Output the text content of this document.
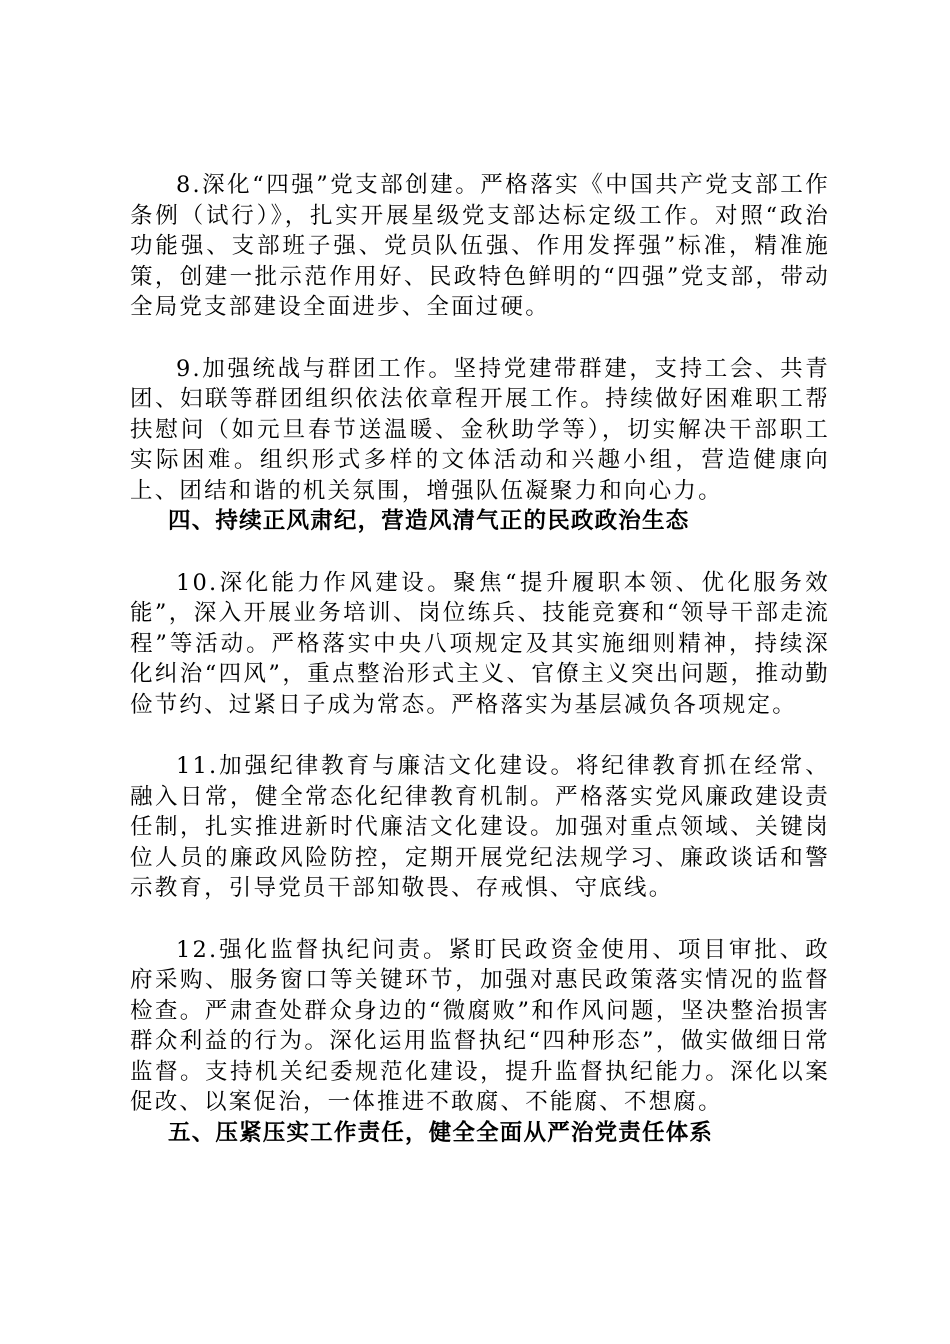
8.深化“四强”党支部创建。严格落实《中国共产党支部工作条例（试行）》，扎实开展星级党支部达标定级工作。对照“政治功能强、支部班子强、党员队伍强、作用发挥强”标准，精准施策，创建一批示范作用好、民政特色鲜明的“四强”党支部，带动全局党支部建设全面进步、全面过硬。

9.加强统战与群团工作。坚持党建带群建，支持工会、共青团、妇联等群团组织依法依章程开展工作。持续做好困难职工帮扶慰问（如元旦春节送温暖、金秋助学等），切实解决干部职工实际困难。组织形式多样的文体活动和兴趣小组，营造健康向上、团结和谐的机关氛围，增强队伍凝聚力和向心力。

四、持续正风肃纪，营造风清气正的民政政治生态

10.深化能力作风建设。聚焦“提升履职本领、优化服务效能”，深入开展业务培训、岗位练兵、技能竞赛和“领导干部走流程”等活动。严格落实中央八项规定及其实施细则精神，持续深化纠治“四风”，重点整治形式主义、官僚主义突出问题，推动勤俭节约、过紧日子成为常态。严格落实为基层减负各项规定。

11.加强纪律教育与廉洁文化建设。将纪律教育抓在经常、融入日常，健全常态化纪律教育机制。严格落实党风廉政建设责任制，扎实推进新时代廉洁文化建设。加强对重点领域、关键岗位人员的廉政风险防控，定期开展党纪法规学习、廉政谈话和警示教育，引导党员干部知敬畏、存戒惧、守底线。

12.强化监督执纪问责。紧盯民政资金使用、项目审批、政府采购、服务窗口等关键环节，加强对惠民政策落实情况的监督检查。严肃查处群众身边的“微腐败”和作风问题，坚决整治损害群众利益的行为。深化运用监督执纪“四种形态”，做实做细日常监督。支持机关纪委规范化建设，提升监督执纪能力。深化以案促改、以案促治，一体推进不敢腐、不能腐、不想腐。

五、压紧压实工作责任，健全全面从严治党责任体系
